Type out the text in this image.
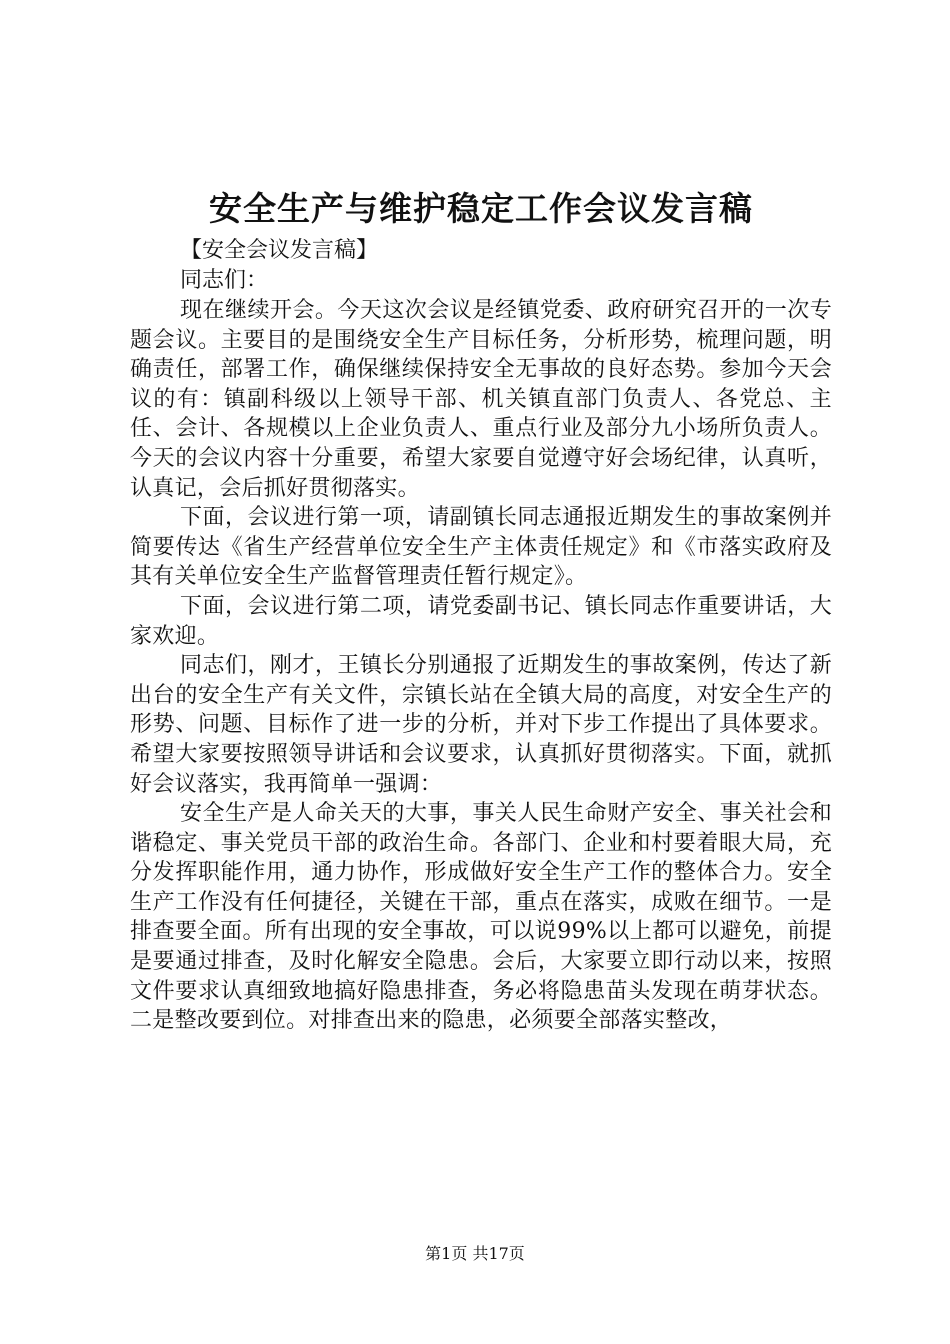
安全生产与维护稳定工作会议发言稿

【安全会议发言稿】

同志们：

现在继续开会。今天这次会议是经镇党委、政府研究召开的一次专题会议。主要目的是围绕安全生产目标任务，分析形势，梳理问题，明确责任，部署工作，确保继续保持安全无事故的良好态势。参加今天会议的有：镇副科级以上领导干部、机关镇直部门负责人、各党总、主任、会计、各规模以上企业负责人、重点行业及部分九小场所负责人。今天的会议内容十分重要，希望大家要自觉遵守好会场纪律，认真听，认真记，会后抓好贯彻落实。

下面，会议进行第一项，请副镇长同志通报近期发生的事故案例并简要传达《省生产经营单位安全生产主体责任规定》和《市落实政府及其有关单位安全生产监督管理责任暂行规定》。

下面，会议进行第二项，请党委副书记、镇长同志作重要讲话，大家欢迎。

同志们，刚才，王镇长分别通报了近期发生的事故案例，传达了新出台的安全生产有关文件，宗镇长站在全镇大局的高度，对安全生产的形势、问题、目标作了进一步的分析，并对下步工作提出了具体要求。希望大家要按照领导讲话和会议要求，认真抓好贯彻落实。下面，就抓好会议落实，我再简单一强调：

安全生产是人命关天的大事，事关人民生命财产安全、事关社会和谐稳定、事关党员干部的政治生命。各部门、企业和村要着眼大局，充分发挥职能作用，通力协作，形成做好安全生产工作的整体合力。安全生产工作没有任何捷径，关键在干部，重点在落实，成败在细节。一是排查要全面。所有出现的安全事故，可以说99%以上都可以避免，前提是要通过排查，及时化解安全隐患。会后，大家要立即行动以来，按照文件要求认真细致地搞好隐患排查，务必将隐患苗头发现在萌芽状态。二是整改要到位。对排查出来的隐患，必须要全部落实整改，

第1页 共17页
